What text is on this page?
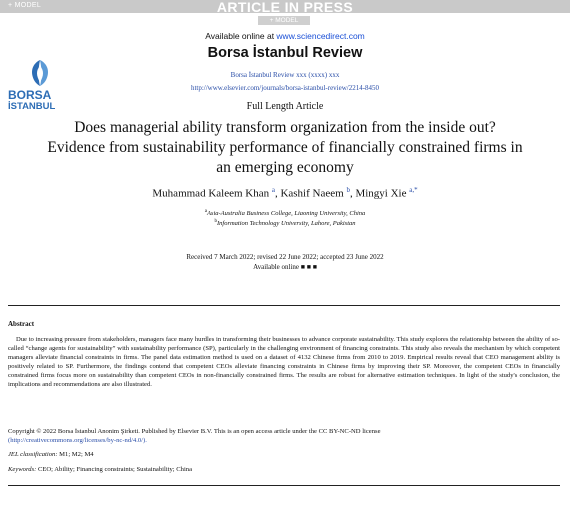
+ MODEL	ARTICLE IN PRESS
+ MODEL
BORSA
İSTANBUL
Available online at www.sciencedirect.com
Borsa İstanbul Review
Borsa İstanbul Review xxx (xxxx) xxx
http://www.elsevier.com/journals/borsa-istanbul-review/2214-8450
Full Length Article
Does managerial ability transform organization from the inside out?
Evidence from sustainability performance of financially constrained firms in
an emerging economy
Muhammad Kaleem Khan $^a$, Kashif Naeem $^b$, Mingyi Xie $^{a,*}$
$^a$Asia-Australia Business College, Liaoning University, China
$^b$Information Technology University, Lahore, Pakistan
Received 7 March 2022; revised 22 June 2022; accepted 23 June 2022
Available online ■ ■ ■
Abstract
Due to increasing pressure from stakeholders, managers face many hurdles in transforming their businesses to advance corporate sustainability. This study explores the relationship between the ability of so-called “change agents for sustainability” with sustainability performance (SP), particularly in the challenging environment of financing constraints. This study also reveals the mechanism by which competent managers alleviate financial constraints in firms. The panel data estimation method is used on a dataset of 4132 Chinese firms from 2010 to 2019. Empirical results reveal that CEO management ability is positively related to SP. Furthermore, the findings contend that competent CEOs alleviate financing constraints in Chinese firms by improving their SP. Moreover, the competent CEOs in financially constrained firms focus more on sustainability than competent CEOs in non-financially constrained firms. The results are robust for alternative estimation techniques. In light of the study's conclusion, the implications and recommendations are also illustrated.
Copyright © 2022 Borsa İstanbul Anonim Şirketi. Published by Elsevier B.V. This is an open access article under the CC BY-NC-ND license
(http://creativecommons.org/licenses/by-nc-nd/4.0/).
JEL classification: M1; M2; M4
Keywords: CEO; Ability; Financing constraints; Sustainability; China
